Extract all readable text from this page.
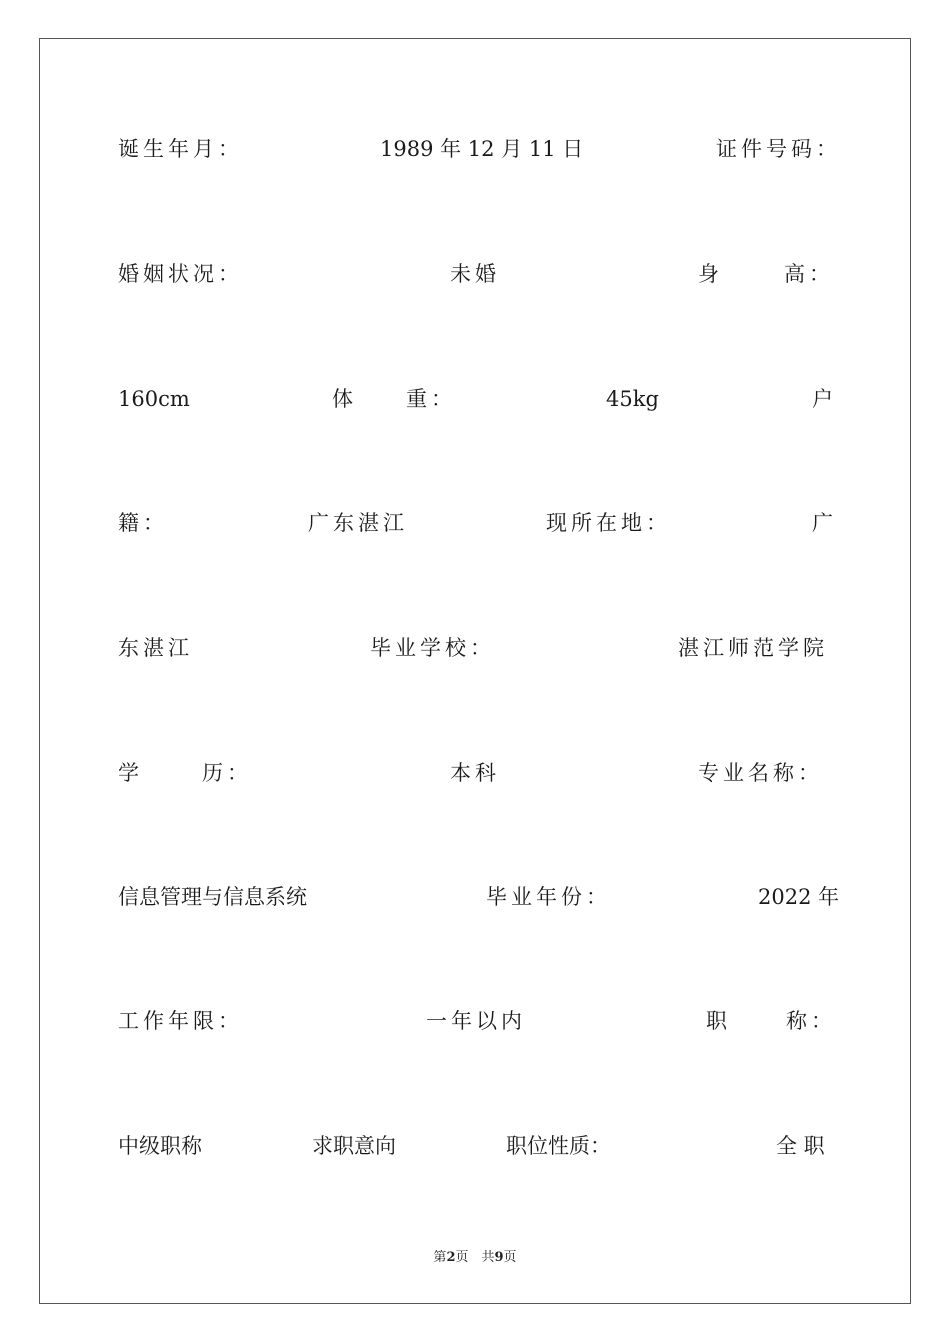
诞生年月：	1989 年 12 月 11 日	证件号码：
婚姻状况：	未婚	身	高：
160cm	体	重：	45kg	户
籍：	广东湛江	现所在地：	广
东湛江	毕业学校：	湛江师范学院
学	历：	本科	专业名称：
信息管理与信息系统	毕业年份：	2022 年
工作年限：	一年以内	职	称：
中级职称	求职意向	职位性质：	全 职
第2页　共9页
